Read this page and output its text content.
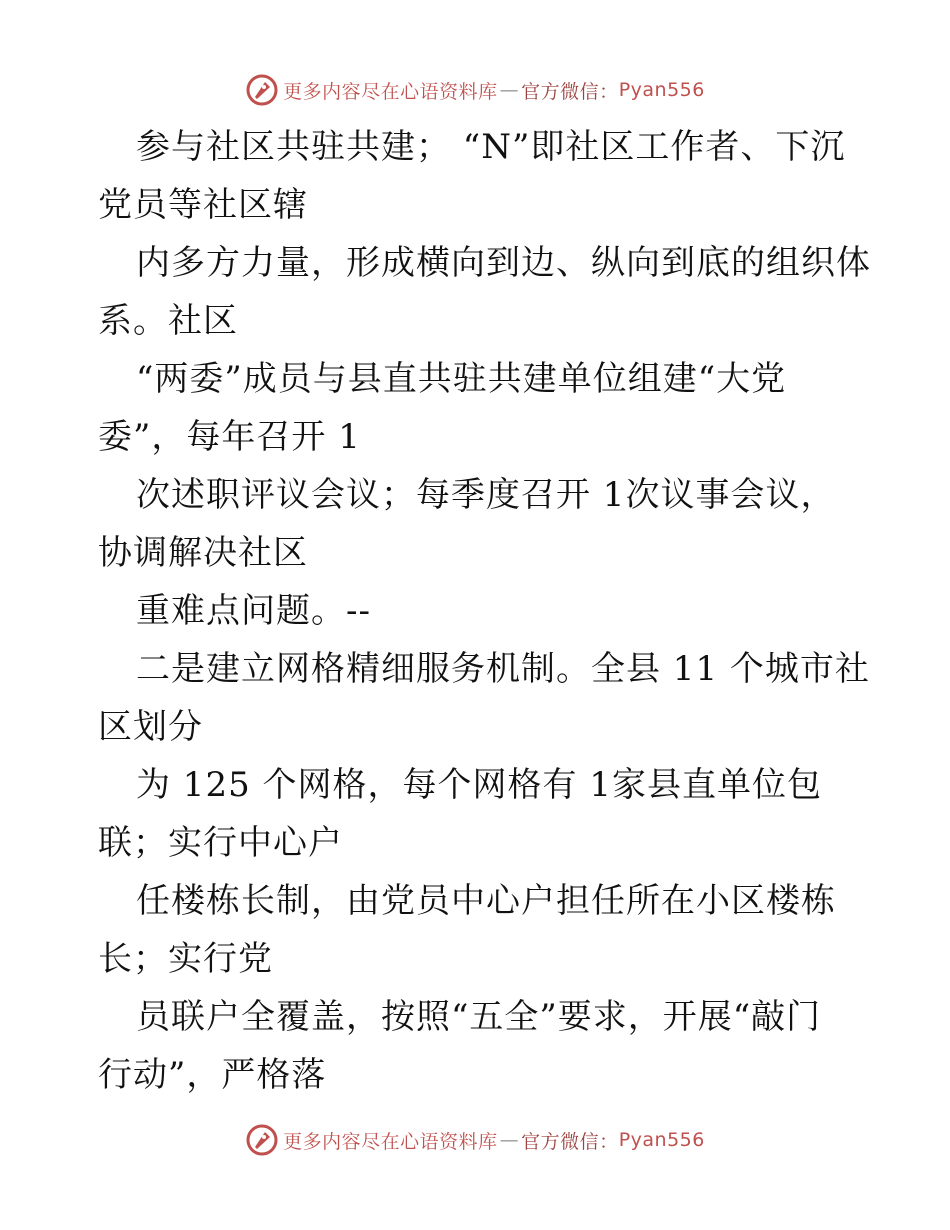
更多内容尽在心语资料库 — 官方微信： Pyan556
参与社区共驻共建； “N”即社区工作者、下沉
党员等社区辖
内多方力量，形成横向到边、纵向到底的组织体
系。社区
“两委”成员与县直共驻共建单位组建“大党
委”，每年召开 1
次述职评议会议；每季度召开 1次议事会议，
协调解决社区
重难点问题。--
二是建立网格精细服务机制。全县 11 个城市社
区划分
为 125 个网格，每个网格有 1家县直单位包
联；实行中心户
任楼栋长制，由党员中心户担任所在小区楼栋
长；实行党
员联户全覆盖，按照“五全”要求，开展“敲门
行动”，严格落
更多内容尽在心语资料库 — 官方微信： Pyan556
